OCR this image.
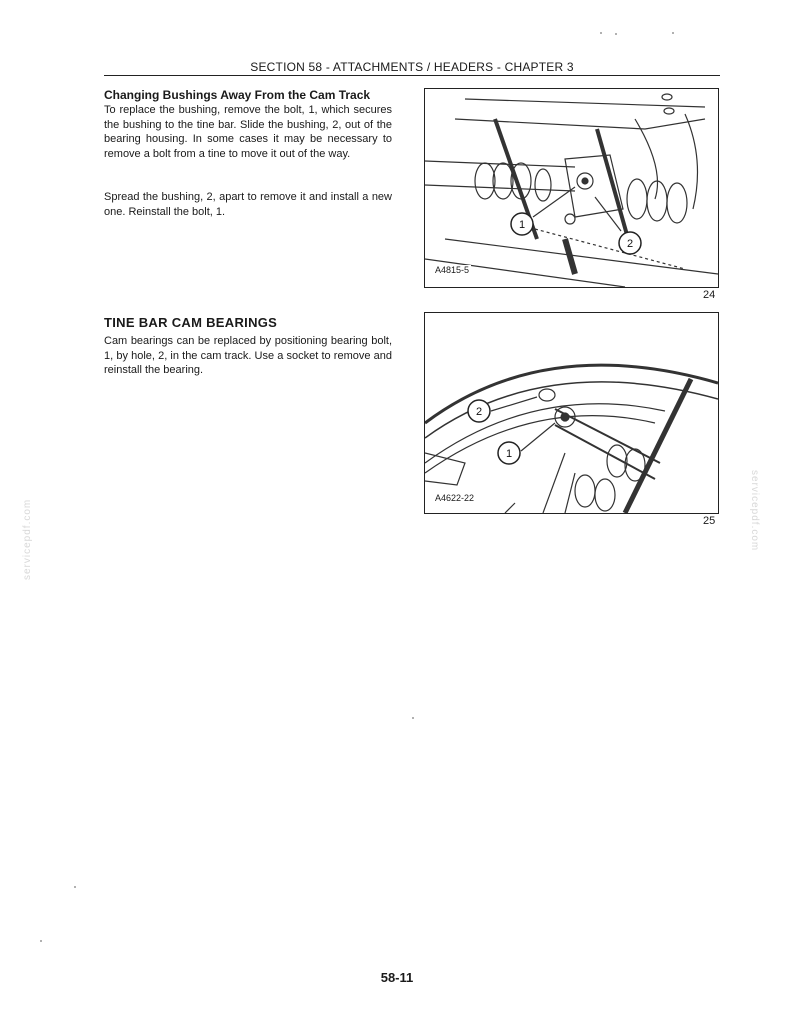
SECTION 58 - ATTACHMENTS / HEADERS - CHAPTER 3
Changing Bushings Away From the Cam Track
To replace the bushing, remove the bolt, 1, which secures the bushing to the tine bar. Slide the bushing, 2, out of the bearing housing. In some cases it may be necessary to remove a bolt from a tine to move it out of the way.
Spread the bushing, 2, apart to remove it and install a new one. Reinstall the bolt, 1.
TINE BAR CAM BEARINGS
Cam bearings can be replaced by positioning bearing bolt, 1, by hole, 2, in the cam track. Use a socket to remove and reinstall the bearing.
1
2
A4815-5
24
2
1
A4622-22
25
servicepdf.com	servicepdf.com
58-11
